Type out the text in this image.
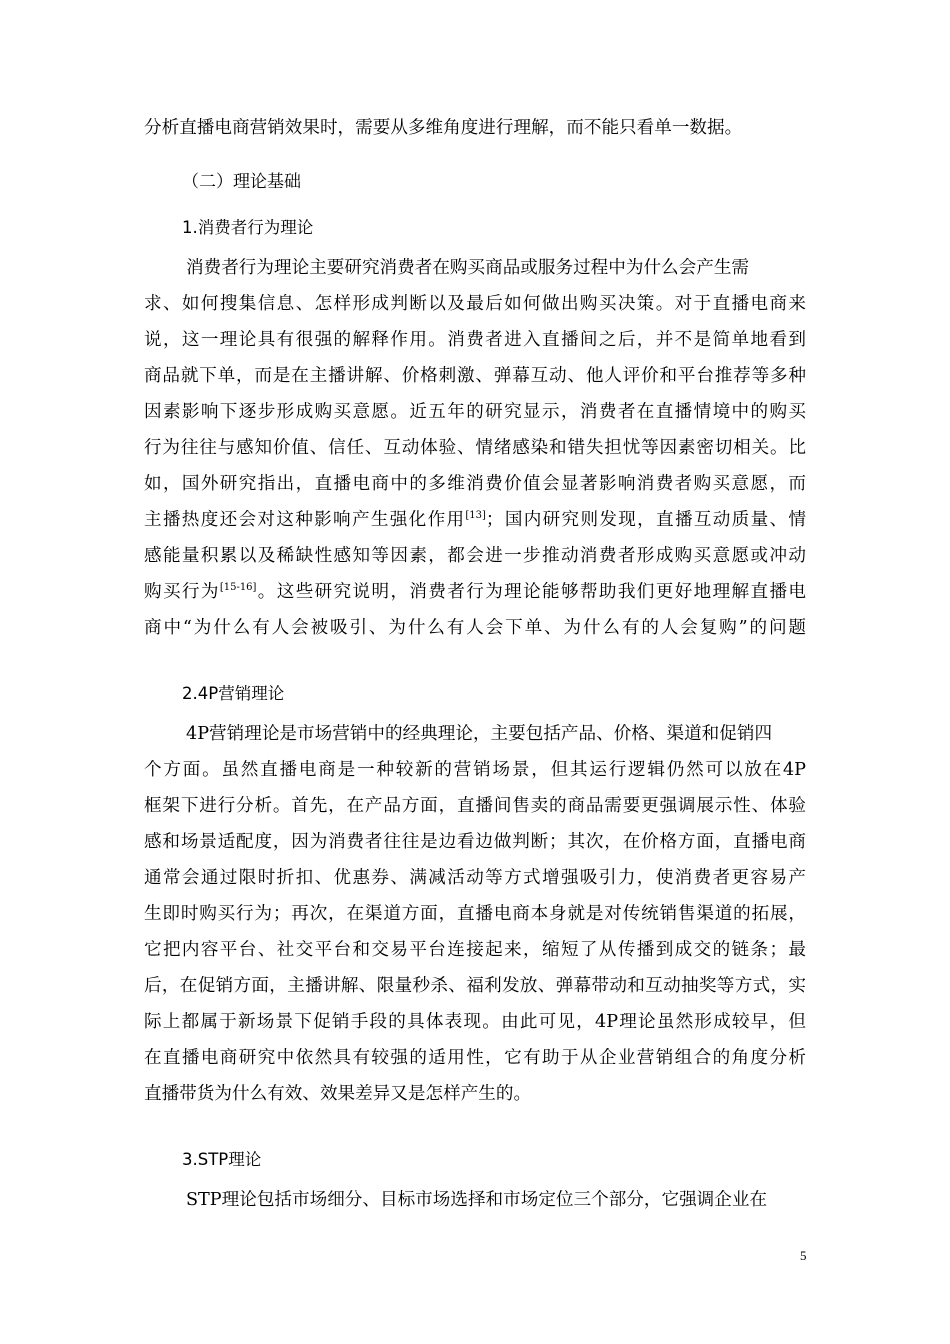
分析直播电商营销效果时，需要从多维角度进行理解，而不能只看单一数据。
（二）理论基础
1.消费者行为理论
消费者行为理论主要研究消费者在购买商品或服务过程中为什么会产生需
求、如何搜集信息、怎样形成判断以及最后如何做出购买决策。对于直播电商来
说，这一理论具有很强的解释作用。消费者进入直播间之后，并不是简单地看到
商品就下单，而是在主播讲解、价格刺激、弹幕互动、他人评价和平台推荐等多种
因素影响下逐步形成购买意愿。近五年的研究显示，消费者在直播情境中的购买
行为往往与感知价值、信任、互动体验、情绪感染和错失担忧等因素密切相关。比
如，国外研究指出，直播电商中的多维消费价值会显著影响消费者购买意愿，而
主播热度还会对这种影响产生强化作用[13]；国内研究则发现，直播互动质量、情
感能量积累以及稀缺性感知等因素，都会进一步推动消费者形成购买意愿或冲动
购买行为[15-16]。这些研究说明，消费者行为理论能够帮助我们更好地理解直播电
商中“为什么有人会被吸引、为什么有人会下单、为什么有的人会复购”的问题
2.4P营销理论
4P营销理论是市场营销中的经典理论，主要包括产品、价格、渠道和促销四
个方面。虽然直播电商是一种较新的营销场景，但其运行逻辑仍然可以放在4P
框架下进行分析。首先，在产品方面，直播间售卖的商品需要更强调展示性、体验
感和场景适配度，因为消费者往往是边看边做判断；其次，在价格方面，直播电商
通常会通过限时折扣、优惠券、满减活动等方式增强吸引力，使消费者更容易产
生即时购买行为；再次，在渠道方面，直播电商本身就是对传统销售渠道的拓展，
它把内容平台、社交平台和交易平台连接起来，缩短了从传播到成交的链条；最
后，在促销方面，主播讲解、限量秒杀、福利发放、弹幕带动和互动抽奖等方式，实
际上都属于新场景下促销手段的具体表现。由此可见，4P理论虽然形成较早，但
在直播电商研究中依然具有较强的适用性，它有助于从企业营销组合的角度分析
直播带货为什么有效、效果差异又是怎样产生的。
3.STP理论
STP理论包括市场细分、目标市场选择和市场定位三个部分，它强调企业在
5
